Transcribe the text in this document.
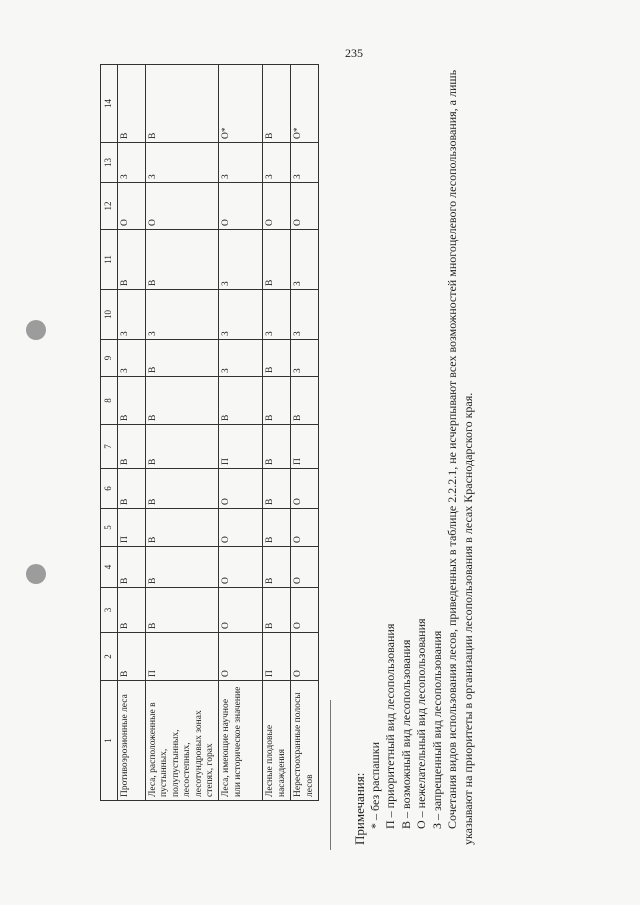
235
1	2	3	4	5	6	7	8	9	10	11	12	13	14
Противоэрозионные леса	В	В	В	П	В	В	В	З	З	В	О	З	В
Леса, расположенные в пустынных, полупустынных, лесостепных, лесотундровых зонах степях, горах	П	В	В	В	В	В	В	В	З	В	О	З	В
Леса, имеющие научное или историческое значение	О	О	О	О	О	П	В	З	З	З	О	З	О*
Лесные плодовые насаждения	П	В	В	В	В	В	В	В	З	В	О	З	В
Нерестоохранные полосы лесов	О	О	О	О	О	П	В	З	З	З	О	З	О*

Примечания: * – без распашки П – приоритетный вид лесопользования В – возможный вид лесопользования О – нежелательный вид лесопользования З – запрещенный вид лесопользования Сочетания видов использования лесов, приведенных в таблице 2.2.2.1, не исчерпывают всех возможностей многоцелевого лесопользования, а лишь указывают на приоритеты в организации лесопользования в лесах Краснодарского края.
